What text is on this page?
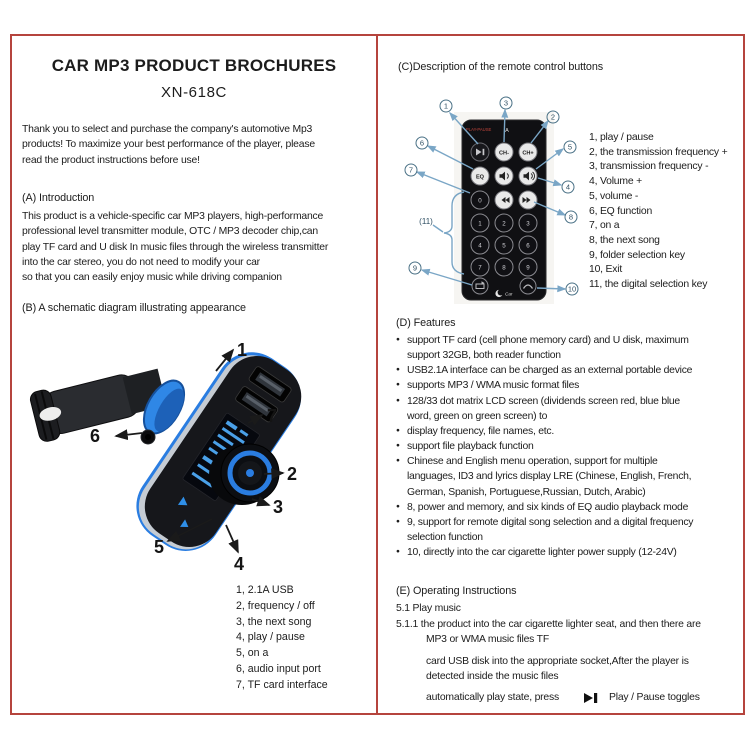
CAR MP3 PRODUCT BROCHURES
XN-618C
Thank you to select and purchase the company's automotive Mp3
products! To maximize your best performance of the player, please
read the product instructions before use!
(A) Introduction
This product is a vehicle-specific car MP3 players, high-performance
professional level transmitter module, OTC / MP3 decoder chip,can
play TF card and U disk In music files through the wireless transmitter
into the car stereo, you do not need to modify your car
so that you can easily enjoy music while driving companion
(B) A schematic diagram illustrating appearance
1
7
6
2
3
5
4
1, 2.1A USB
2, frequency / off
3, the next song
4, play / pause
5, on a
6, audio input port
7, TF card interface
(C)Description of the remote control buttons
PLAY-PAUSE	A
CH- CH+
EQ
0
1	2	3
4	5	6
7	8	9
Car
1	3
2
6	5
7
4
8
(11)
9
10
1, play / pause
2, the transmission frequency +
3, transmission frequency -
4, Volume +
5, volume -
6, EQ function
7, on a
8, the next song
9, folder selection key
10, Exit
11, the digital selection key
(D) Features
● support TF card (cell phone memory card) and U disk, maximum
support 32GB, both reader function
● USB2.1A interface can be charged as an external portable device
● supports MP3 / WMA music format files
● 128/33 dot matrix LCD screen (dividends screen red, blue blue
word, green on green screen) to
● display frequency, file names, etc.
● support file playback function
● Chinese and English menu operation, support for multiple
languages, ID3 and lyrics display LRE (Chinese, English, French,
German, Spanish, Portuguese,Russian, Dutch, Arabic)
● 8, power and memory, and six kinds of EQ audio playback mode
● 9, support for remote digital song selection and a digital frequency
selection function
● 10, directly into the car cigarette lighter power supply (12-24V)
(E) Operating Instructions
5.1 Play music
5.1.1 the product into the car cigarette lighter seat, and then there are
MP3 or WMA music files TF
card USB disk into the appropriate socket,After the player is
detected inside the music files
automatically play state, press	Play / Pause toggles
